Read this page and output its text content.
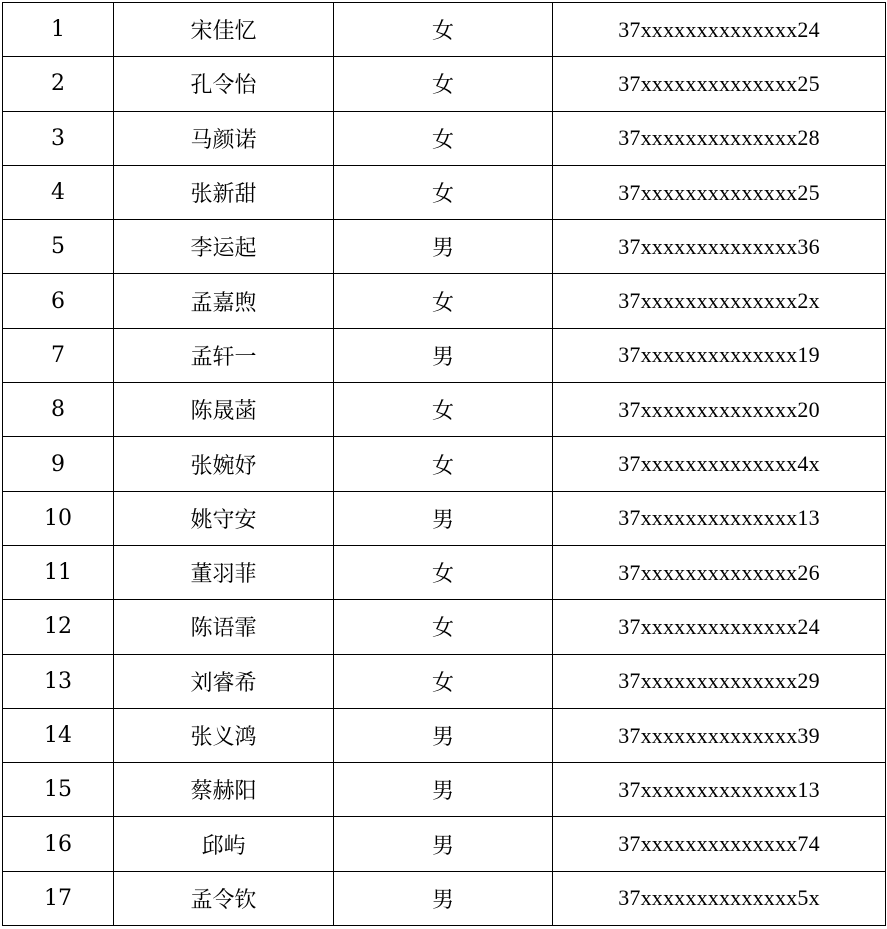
1	宋佳忆	女	37xxxxxxxxxxxxxx24
2	孔令怡	女	37xxxxxxxxxxxxxx25
3	马颜诺	女	37xxxxxxxxxxxxxx28
4	张新甜	女	37xxxxxxxxxxxxxx25
5	李运起	男	37xxxxxxxxxxxxxx36
6	孟嘉煦	女	37xxxxxxxxxxxxxx2x
7	孟轩一	男	37xxxxxxxxxxxxxx19
8	陈晟菡	女	37xxxxxxxxxxxxxx20
9	张婉妤	女	37xxxxxxxxxxxxxx4x
10	姚守安	男	37xxxxxxxxxxxxxx13
11	董羽菲	女	37xxxxxxxxxxxxxx26
12	陈语霏	女	37xxxxxxxxxxxxxx24
13	刘睿希	女	37xxxxxxxxxxxxxx29
14	张义鸿	男	37xxxxxxxxxxxxxx39
15	蔡赫阳	男	37xxxxxxxxxxxxxx13
16	邱屿	男	37xxxxxxxxxxxxxx74
17	孟令钦	男	37xxxxxxxxxxxxxx5x
